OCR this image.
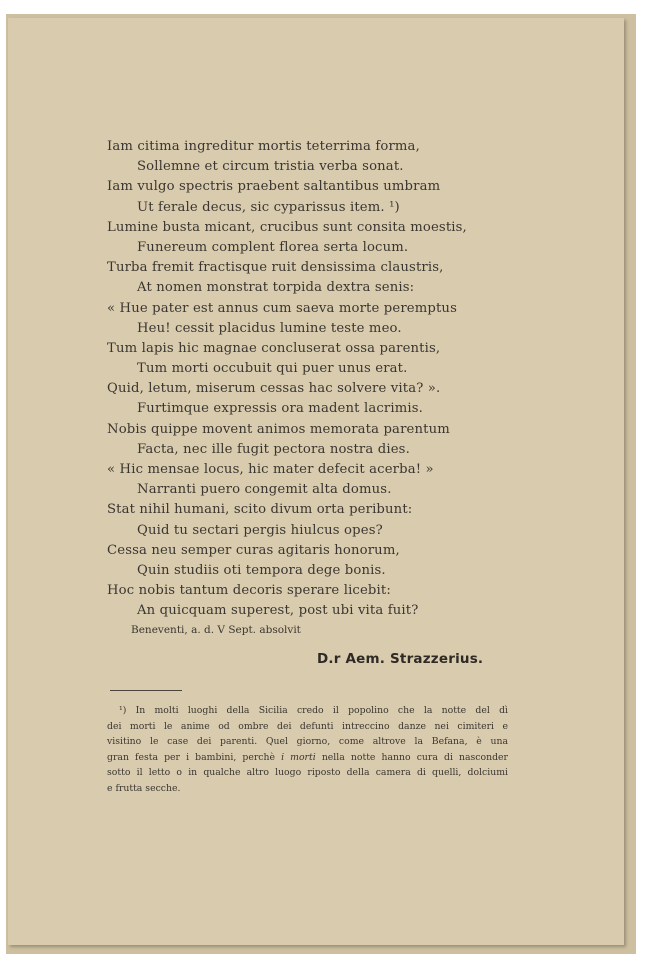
Iam citima ingreditur mortis teterrima forma,
Sollemne et circum tristia verba sonat.
Iam vulgo spectris praebent saltantibus umbram
Ut ferale decus, sic cyparissus item. ¹)
Lumine busta micant, crucibus sunt consita moestis,
Funereum complent florea serta locum.
Turba fremit fractisque ruit densissima claustris,
At nomen monstrat torpida dextra senis:
« Hue pater est annus cum saeva morte peremptus
Heu! cessit placidus lumine teste meo.
Tum lapis hic magnae concluserat ossa parentis,
Tum morti occubuit qui puer unus erat.
Quid, letum, miserum cessas hac solvere vita? ».
Furtimque expressis ora madent lacrimis.
Nobis quippe movent animos memorata parentum
Facta, nec ille fugit pectora nostra dies.
« Hic mensae locus, hic mater defecit acerba! »
Narranti puero congemit alta domus.
Stat nihil humani, scito divum orta peribunt:
Quid tu sectari pergis hiulcus opes?
Cessa neu semper curas agitaris honorum,
Quin studiis oti tempora dege bonis.
Hoc nobis tantum decoris sperare licebit:
An quicquam superest, post ubi vita fuit?
Beneventi, a. d. V Sept. absolvit
D.r Aem. Strazzerius.
¹) In molti luoghi della Sicilia credo il popolino che la notte del dì
dei morti le anime od ombre dei defunti intreccino danze nei cimiteri e
visitino le case dei parenti. Quel giorno, come altrove la Befana, è una
gran festa per i bambini, perchè i morti nella notte hanno cura di nasconder
sotto il letto o in qualche altro luogo riposto della camera di quelli, dolciumi
e frutta secche.
